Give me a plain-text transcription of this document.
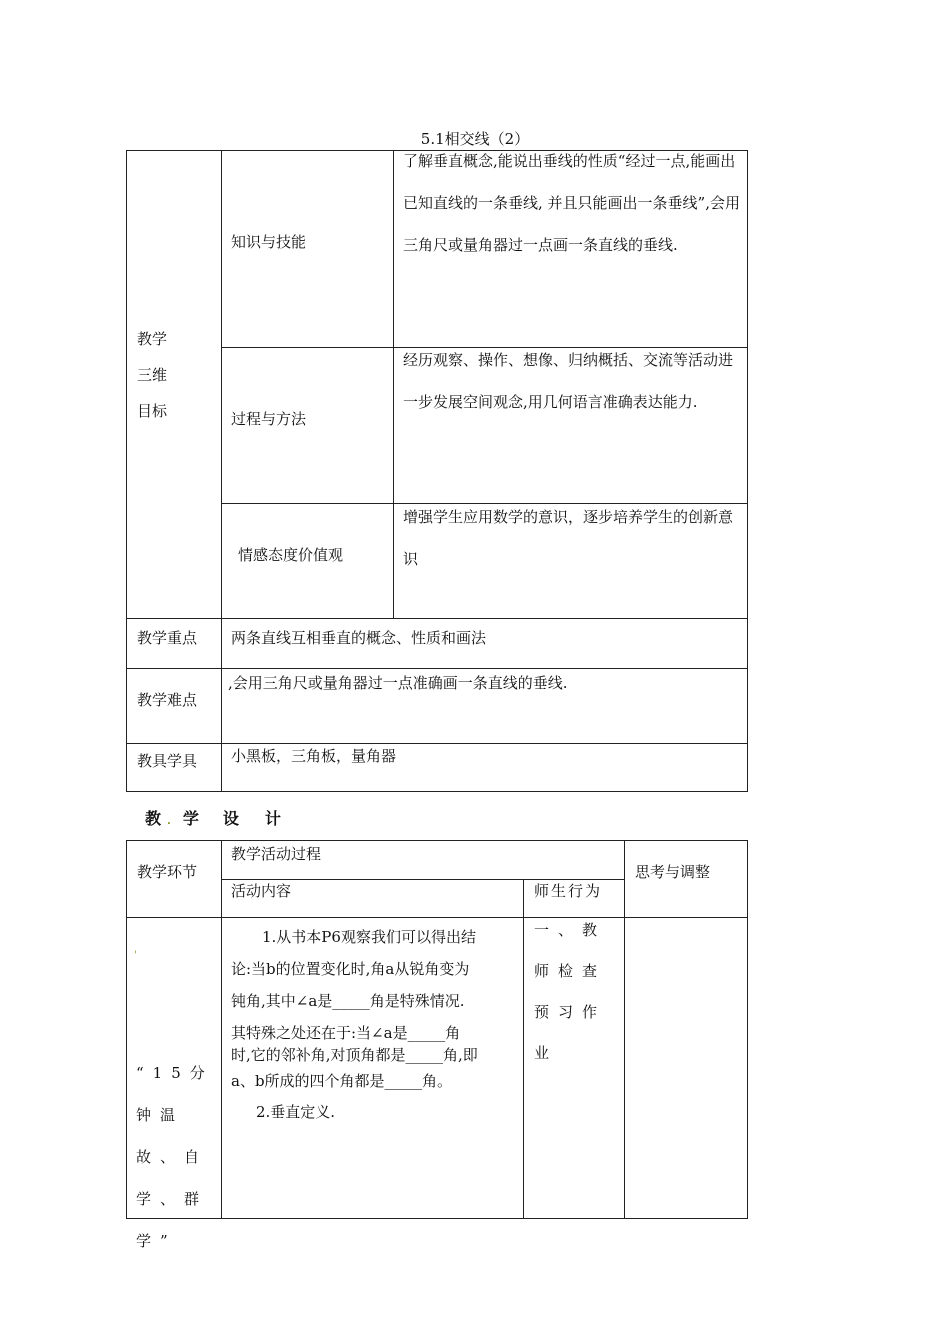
5.1相交线（2）
教学
三维
目标
知识与技能
过程与方法
情感态度价值观
了解垂直概念,能说出垂线的性质“经过一点,能画出已知直线的一条垂线, 并且只能画出一条垂线”,会用三角尺或量角器过一点画一条直线的垂线.
经历观察、操作、想像、归纳概括、交流等活动进一步发展空间观念,用几何语言准确表达能力.
增强学生应用数学的意识，逐步培养学生的创新意识
教学重点 两条直线互相垂直的概念、性质和画法
教学难点
,会用三角尺或量角器过一点准确画一条直线的垂线.
教具学具 小黑板，三角板，量角器
教 . 学 设 计
教学环节
教学活动过程
活动内容	师生行为
思考与调整
'
“15分钟温故、自学、群学”
1.从书本P6观察我们可以得出结
论:当b的位置变化时,角a从锐角变为
钝角,其中∠a是_____角是特殊情况.
其特殊之处还在于:当∠a是_____角
时,它的邻补角,对顶角都是_____角,即
a、b所成的四个角都是_____角。
2.垂直定义.
一、教师检查预习作业
